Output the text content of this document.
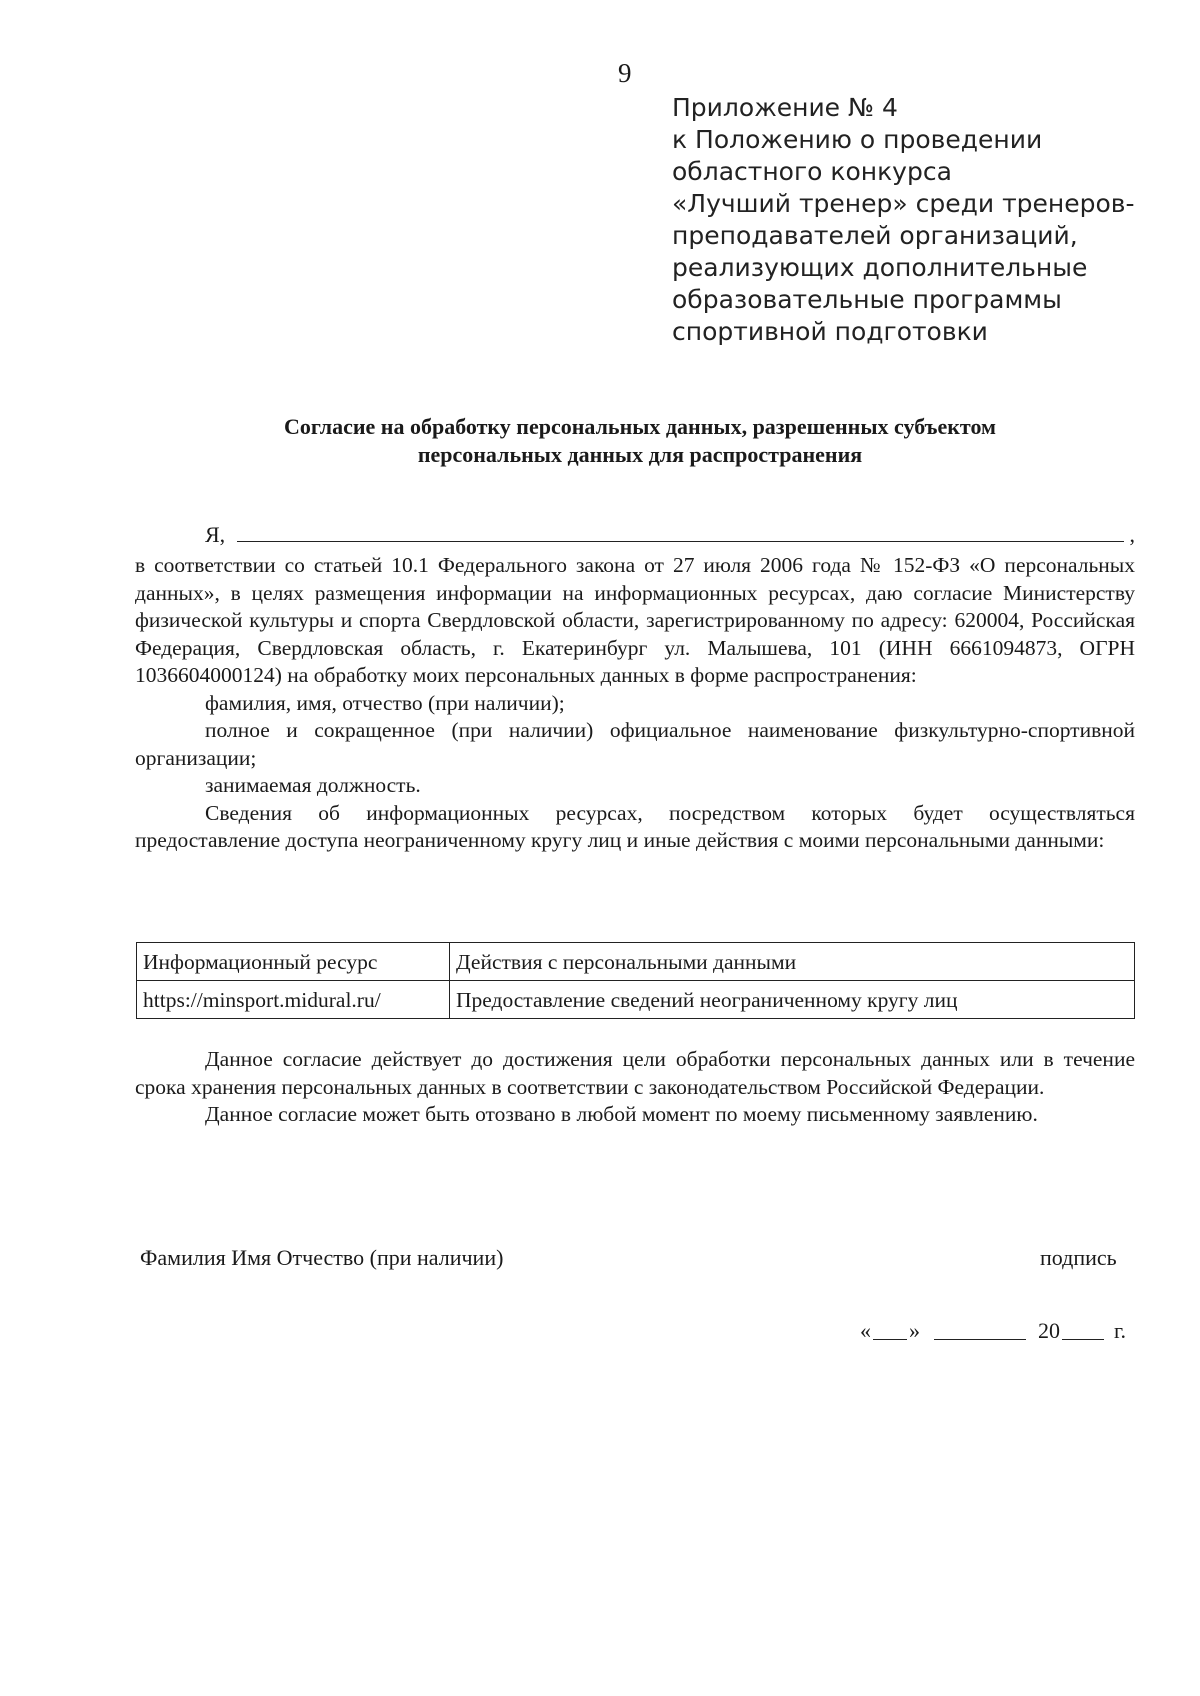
9
Приложение № 4
к Положению о проведении
областного конкурса
«Лучший тренер» среди тренеров-
преподавателей организаций,
реализующих дополнительные
образовательные программы
спортивной подготовки
Согласие на обработку персональных данных, разрешенных субъектом
персональных данных для распространения
Я,	,

в соответствии со статьей 10.1 Федерального закона от 27 июля 2006 года № 152-ФЗ «О персональных данных», в целях размещения информации на информационных ресурсах, даю согласие Министерству физической культуры и спорта Свердловской области, зарегистрированному по адресу: 620004, Российская Федерация, Свердловская область, г. Екатеринбург ул. Малышева, 101 (ИНН 6661094873, ОГРН 1036604000124) на обработку моих персональных данных в форме распространения:

фамилия, имя, отчество (при наличии);

полное и сокращенное (при наличии) официальное наименование физкультурно-спортивной организации;

занимаемая должность.

Сведения об информационных ресурсах, посредством которых будет осуществляться предоставление доступа неограниченному кругу лиц и иные действия с моими персональными данными:

Информационный ресурс	Действия с персональными данными
https://minsport.midural.ru/	Предоставление сведений неограниченному кругу лиц

Данное согласие действует до достижения цели обработки персональных данных или в течение срока хранения персональных данных в соответствии с законодательством Российской Федерации.

Данное согласие может быть отозвано в любой момент по моему письменному заявлению.

Фамилия Имя Отчество (при наличии)	подпись
« »	20 г.
